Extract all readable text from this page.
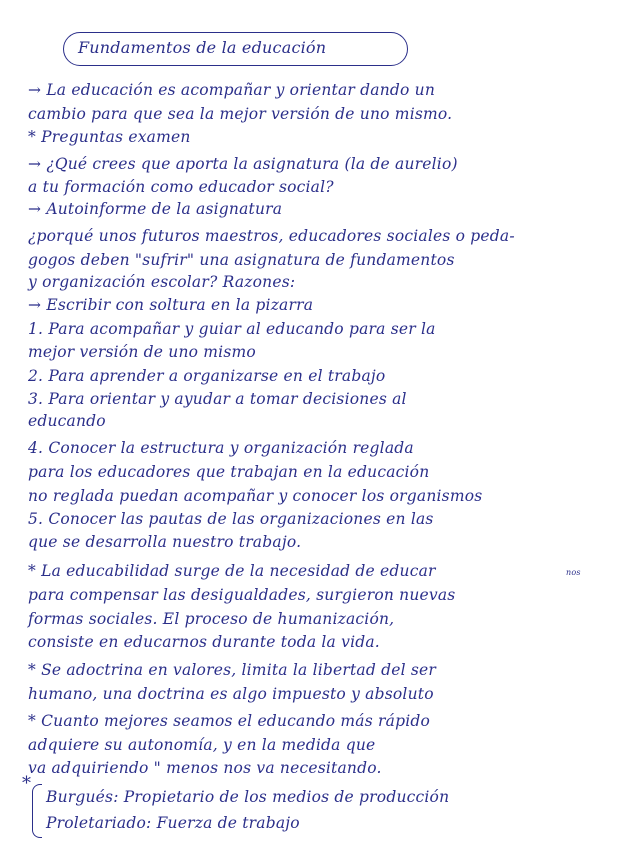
Fundamentos de la educación
→ La educación es acompañar y orientar dando un
cambio para que sea la mejor versión de uno mismo.
* Preguntas examen
→ ¿Qué crees que aporta la asignatura (la de aurelio)
a tu formación como educador social?
→ Autoinforme de la asignatura
¿porqué unos futuros maestros, educadores sociales o peda-
gogos deben "sufrir" una asignatura de fundamentos
y organización escolar? Razones:
→ Escribir con soltura en la pizarra
1. Para acompañar y guiar al educando para ser la
mejor versión de uno mismo
2. Para aprender a organizarse en el trabajo
3. Para orientar y ayudar a tomar decisiones al
educando
4. Conocer la estructura y organización reglada
para los educadores que trabajan en la educación
no reglada puedan acompañar y conocer los organismos
5. Conocer las pautas de las organizaciones en las
que se desarrolla nuestro trabajo.
* La educabilidad surge de la necesidad de educar	nos
para compensar las desigualdades, surgieron nuevas
formas sociales. El proceso de humanización,
consiste en educarnos durante toda la vida.
* Se adoctrina en valores, limita la libertad del ser
humano, una doctrina es algo impuesto y absoluto
* Cuanto mejores seamos el educando más rápido
adquiere su autonomía, y en la medida que
va adquiriendo " menos nos va necesitando.
*
Burgués: Propietario de los medios de producción
Proletariado: Fuerza de trabajo
